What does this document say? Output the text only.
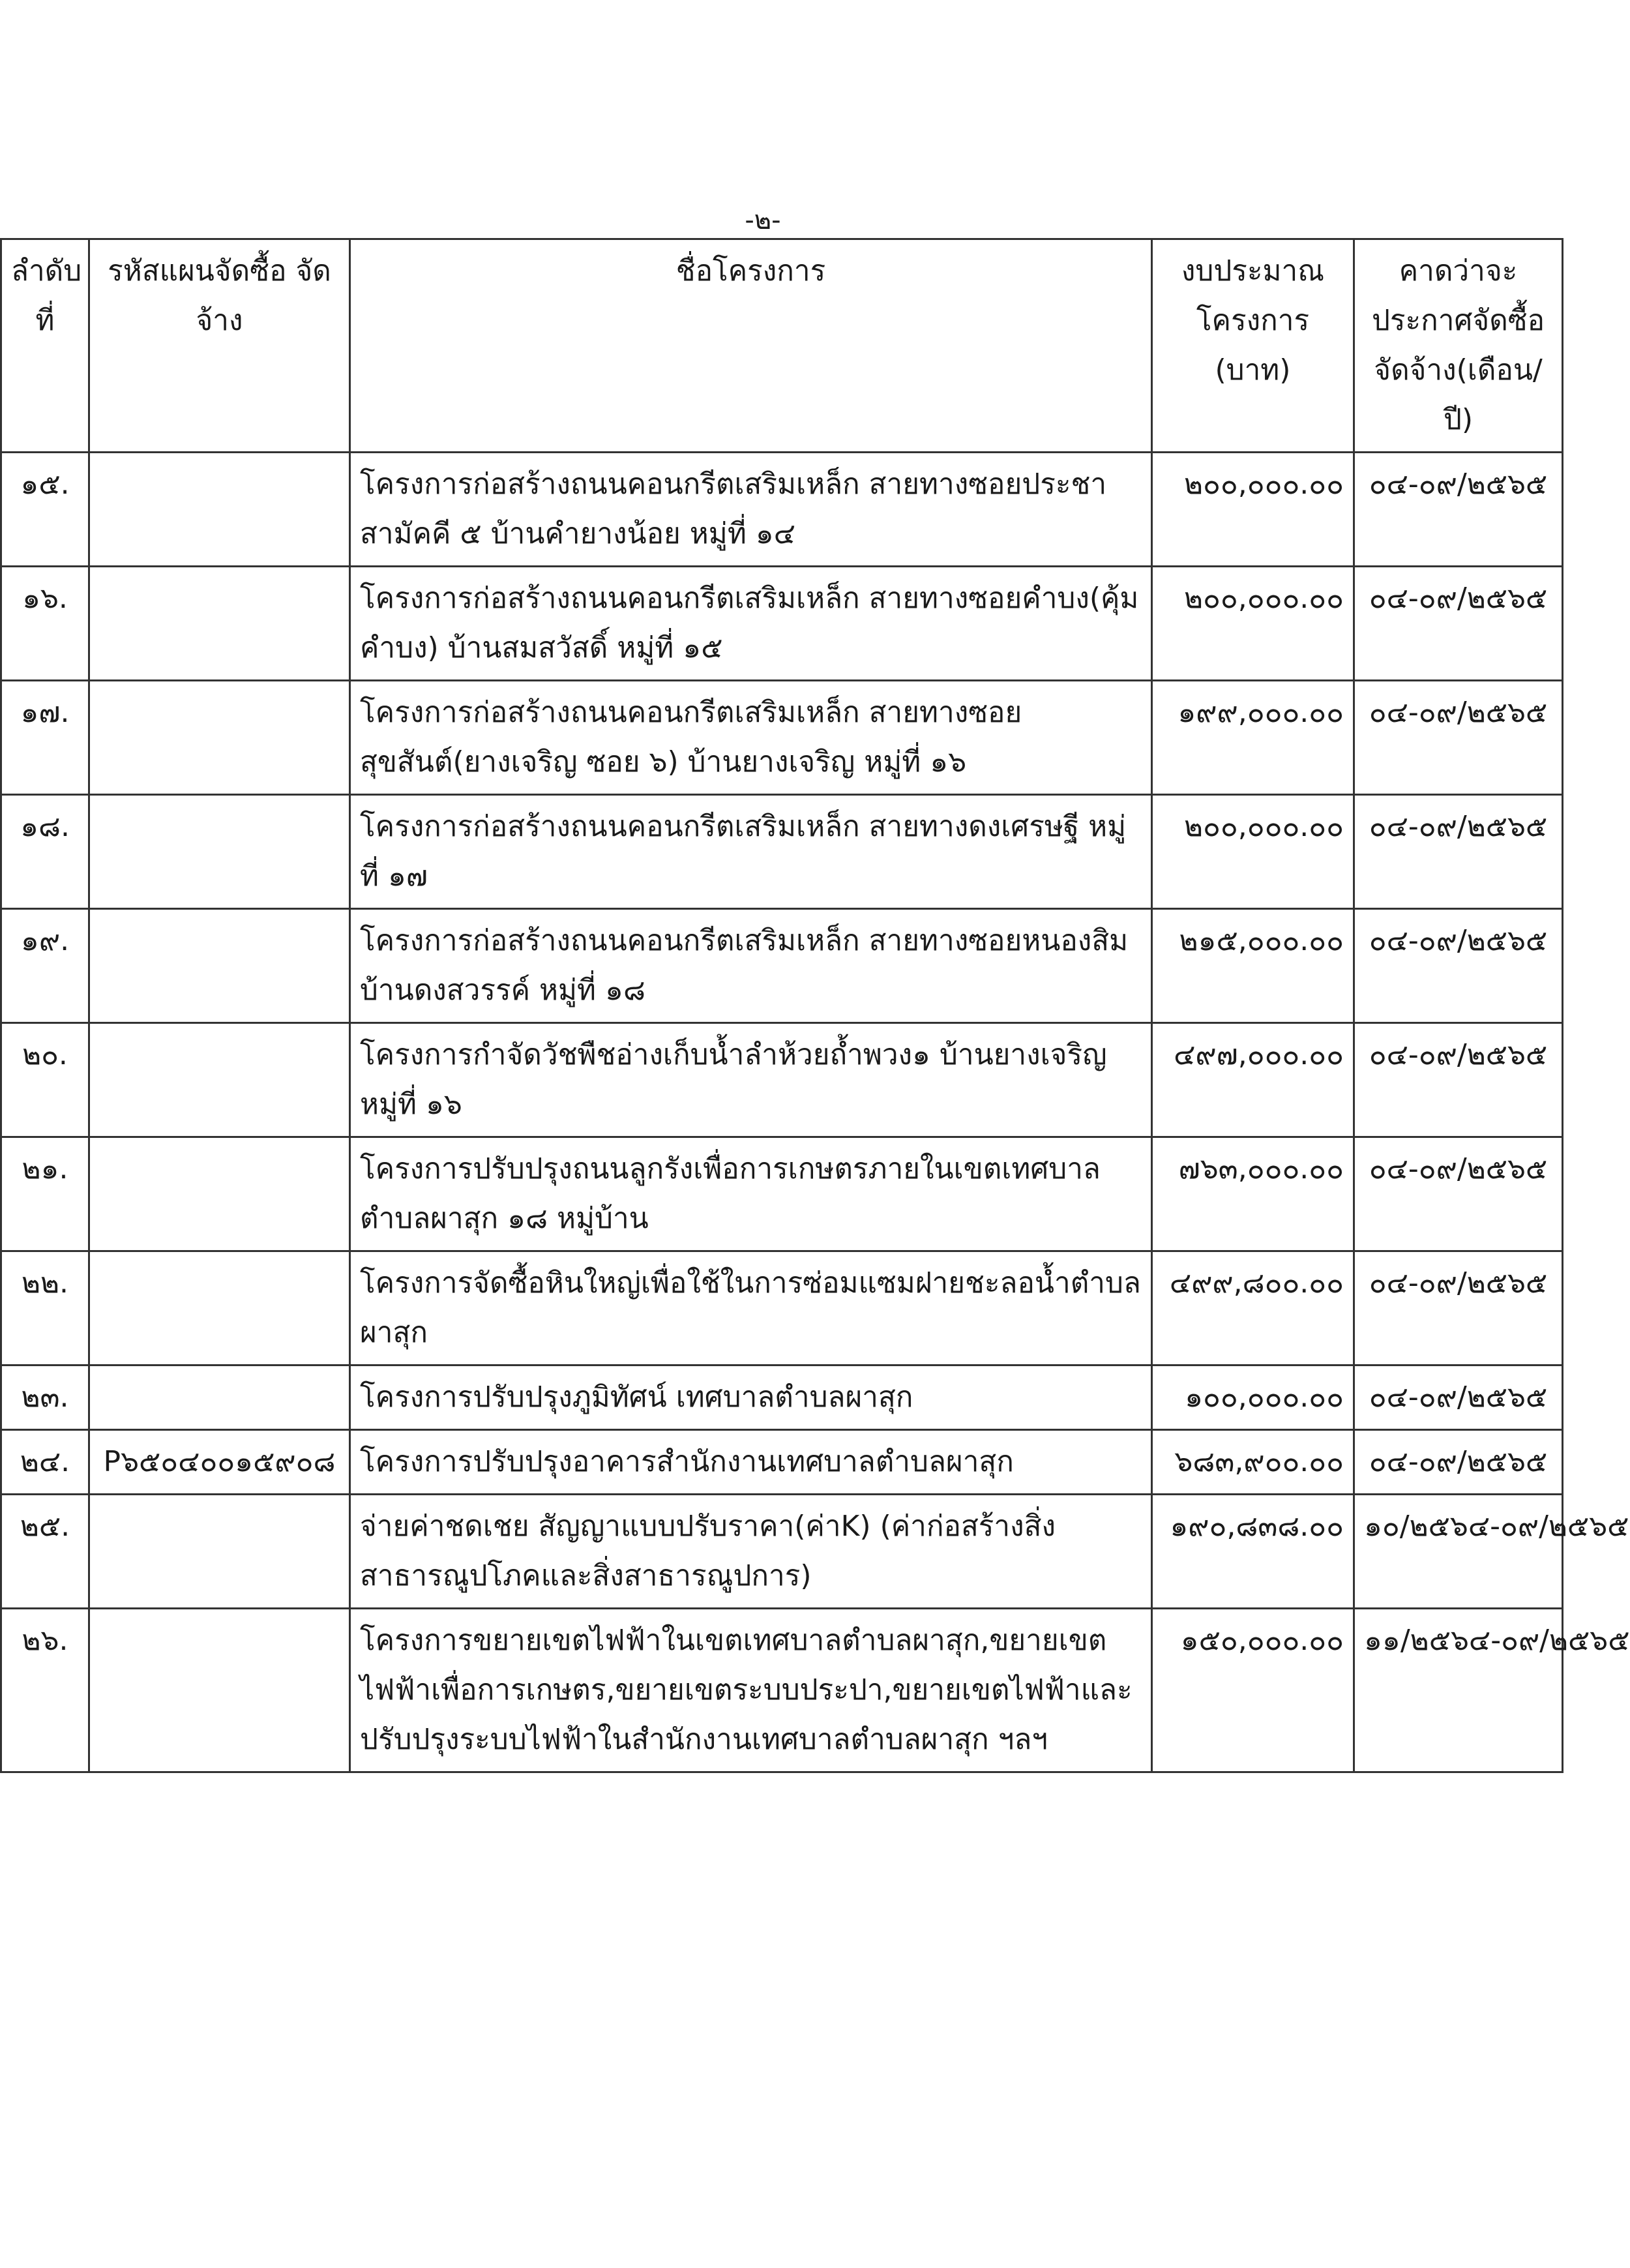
-๒-
ลำดับ ที่	รหัสแผนจัดซื้อ จัดจ้าง	ชื่อโครงการ	งบประมาณ โครงการ (บาท)	คาดว่าจะ ประกาศจัดซื้อ จัดจ้าง(เดือน/ ปี)
๑๕.		โครงการก่อสร้างถนนคอนกรีตเสริมเหล็ก สายทางซอยประชาสามัคคี ๕ บ้านคำยางน้อย หมู่ที่ ๑๔	๒๐๐,๐๐๐.๐๐	๐๔-๐๙/๒๕๖๕
๑๖.		โครงการก่อสร้างถนนคอนกรีตเสริมเหล็ก สายทางซอยคำบง(คุ้มคำบง) บ้านสมสวัสดิ์ หมู่ที่ ๑๕	๒๐๐,๐๐๐.๐๐	๐๔-๐๙/๒๕๖๕
๑๗.		โครงการก่อสร้างถนนคอนกรีตเสริมเหล็ก สายทางซอยสุขสันต์(ยางเจริญ ซอย ๖) บ้านยางเจริญ หมู่ที่ ๑๖	๑๙๙,๐๐๐.๐๐	๐๔-๐๙/๒๕๖๕
๑๘.		โครงการก่อสร้างถนนคอนกรีตเสริมเหล็ก สายทางดงเศรษฐี หมู่ที่ ๑๗	๒๐๐,๐๐๐.๐๐	๐๔-๐๙/๒๕๖๕
๑๙.		โครงการก่อสร้างถนนคอนกรีตเสริมเหล็ก สายทางซอยหนองสิม บ้านดงสวรรค์ หมู่ที่ ๑๘	๒๑๕,๐๐๐.๐๐	๐๔-๐๙/๒๕๖๕
๒๐.		โครงการกำจัดวัชพืชอ่างเก็บน้ำลำห้วยถ้ำพวง๑ บ้านยางเจริญ หมู่ที่ ๑๖	๔๙๗,๐๐๐.๐๐	๐๔-๐๙/๒๕๖๕
๒๑.		โครงการปรับปรุงถนนลูกรังเพื่อการเกษตรภายในเขตเทศบาลตำบลผาสุก ๑๘ หมู่บ้าน	๗๖๓,๐๐๐.๐๐	๐๔-๐๙/๒๕๖๕
๒๒.		โครงการจัดซื้อหินใหญ่เพื่อใช้ในการซ่อมแซมฝายชะลอน้ำตำบลผาสุก	๔๙๙,๘๐๐.๐๐	๐๔-๐๙/๒๕๖๕
๒๓.		โครงการปรับปรุงภูมิทัศน์ เทศบาลตำบลผาสุก	๑๐๐,๐๐๐.๐๐	๐๔-๐๙/๒๕๖๕
๒๔.	P๖๕๐๔๐๐๑๕๙๐๘	โครงการปรับปรุงอาคารสำนักงานเทศบาลตำบลผาสุก	๖๘๓,๙๐๐.๐๐	๐๔-๐๙/๒๕๖๕
๒๕.		จ่ายค่าชดเชย สัญญาแบบปรับราคา(ค่าK) (ค่าก่อสร้างสิ่งสาธารณูปโภคและสิ่งสาธารณูปการ)	๑๙๐,๘๓๘.๐๐	๑๐/๒๕๖๔-๐๙/๒๕๖๕
๒๖.		โครงการขยายเขตไฟฟ้าในเขตเทศบาลตำบลผาสุก,ขยายเขตไฟฟ้าเพื่อการเกษตร,ขยายเขตระบบประปา,ขยายเขตไฟฟ้าและปรับปรุงระบบไฟฟ้าในสำนักงานเทศบาลตำบลผาสุก ฯลฯ	๑๕๐,๐๐๐.๐๐	๑๑/๒๕๖๔-๐๙/๒๕๖๕
